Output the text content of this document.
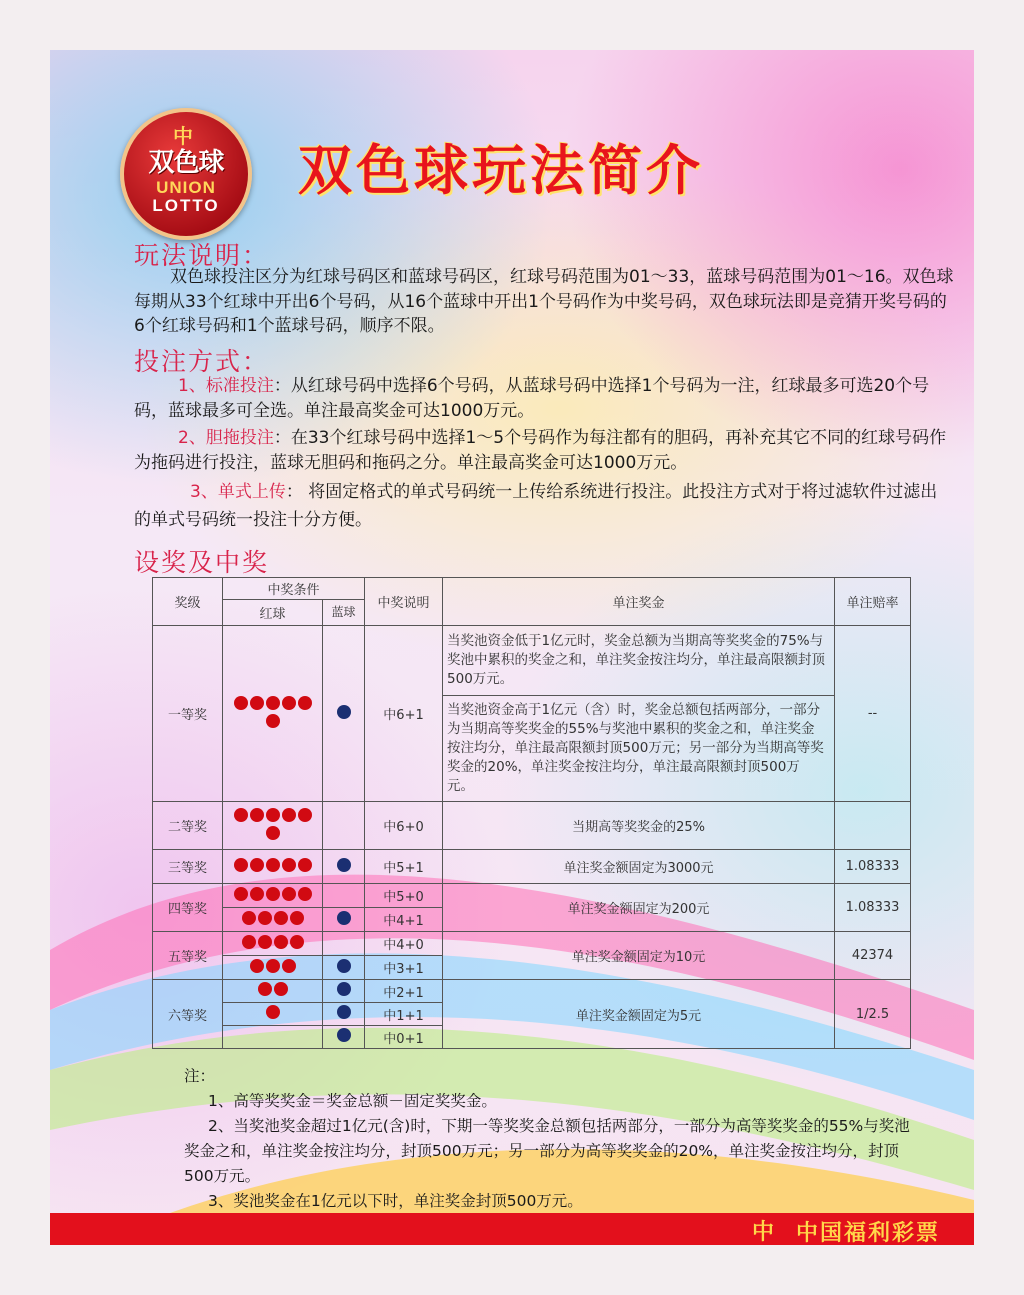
中
双色球
UNION
LOTTO
双色球玩法简介
玩法说明：
双色球投注区分为红球号码区和蓝球号码区，红球号码范围为01～33，蓝球号码范围为01～16。双色球每期从33个红球中开出6个号码，从16个蓝球中开出1个号码作为中奖号码，双色球玩法即是竞猜开奖号码的6个红球号码和1个蓝球号码，顺序不限。
投注方式：
1、标准投注：从红球号码中选择6个号码，从蓝球号码中选择1个号码为一注，红球最多可选20个号码，蓝球最多可全选。单注最高奖金可达1000万元。
2、胆拖投注：在33个红球号码中选择1～5个号码作为每注都有的胆码，再补充其它不同的红球号码作为拖码进行投注，蓝球无胆码和拖码之分。单注最高奖金可达1000万元。
3、单式上传： 将固定格式的单式号码统一上传给系统进行投注。此投注方式对于将过滤软件过滤出的单式号码统一投注十分方便。
设奖及中奖
奖级	中奖条件		中奖说明	单注奖金	单注赔率
	红球	蓝球			
一等奖			中6+1	当奖池资金低于1亿元时，奖金总额为当期高等奖奖金的75%与奖池中累积的奖金之和，单注奖金按注均分，单注最高限额封顶500万元。	--
				当奖池资金高于1亿元（含）时，奖金总额包括两部分，一部分为当期高等奖奖金的55%与奖池中累积的奖金之和，单注奖金按注均分，单注最高限额封顶500万元；另一部分为当期高等奖奖金的20%，单注奖金按注均分，单注最高限额封顶500万元。	
二等奖			中6+0	当期高等奖奖金的25%	
三等奖			中5+1	单注奖金额固定为3000元	1.08333
四等奖			中5+0	单注奖金额固定为200元	1.08333
			中4+1		
五等奖			中4+0	单注奖金额固定为10元	42374
			中3+1		
六等奖			中2+1	单注奖金额固定为5元	1/2.5
			中1+1		
			中0+1		
注：
1、高等奖奖金＝奖金总额－固定奖奖金。
2、当奖池奖金超过1亿元(含)时，下期一等奖奖金总额包括两部分，一部分为高等奖奖金的55%与奖池奖金之和，单注奖金按注均分，封顶500万元；另一部分为高等奖奖金的20%，单注奖金按注均分，封顶500万元。
3、奖池奖金在1亿元以下时，单注奖金封顶500万元。
中 中国福利彩票
